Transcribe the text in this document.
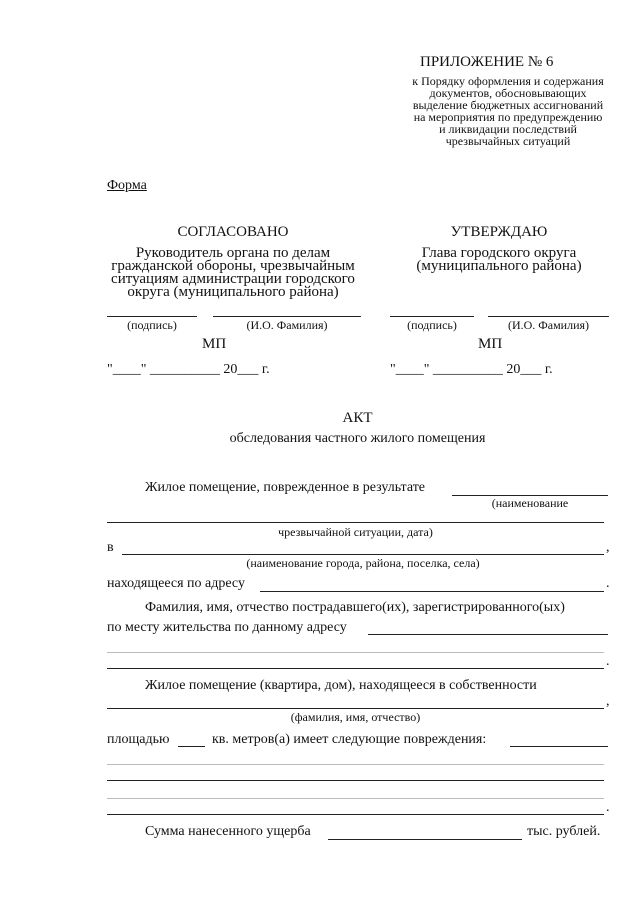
ПРИЛОЖЕНИЕ № 6
к Порядку оформления и содержания
документов, обосновывающих
выделение бюджетных ассигнований
на мероприятия по предупреждению
и ликвидации последствий
чрезвычайных ситуаций
Форма
СОГЛАСОВАНО
Руководитель органа по делам
гражданской обороны, чрезвычайным
ситуациям администрации городского
округа (муниципального района)
(подпись)	(И.О. Фамилия)
МП
"____" __________ 20___ г.
УТВЕРЖДАЮ
Глава городского округа
(муниципального района)
(подпись)	(И.О. Фамилия)
МП
"____" __________ 20___ г.
АКТ
обследования частного жилого помещения
Жилое помещение, поврежденное в результате
(наименование
чрезвычайной ситуации, дата)
в	,
(наименование города, района, поселка, села)
находящееся по адресу	.
Фамилия, имя, отчество пострадавшего(их), зарегистрированного(ых)
по месту жительства по данному адресу
.
Жилое помещение (квартира, дом), находящееся в собственности
,
(фамилия, имя, отчество)
площадью	кв. метров(а) имеет следующие повреждения:
.
Сумма нанесенного ущерба	тыс. рублей.
